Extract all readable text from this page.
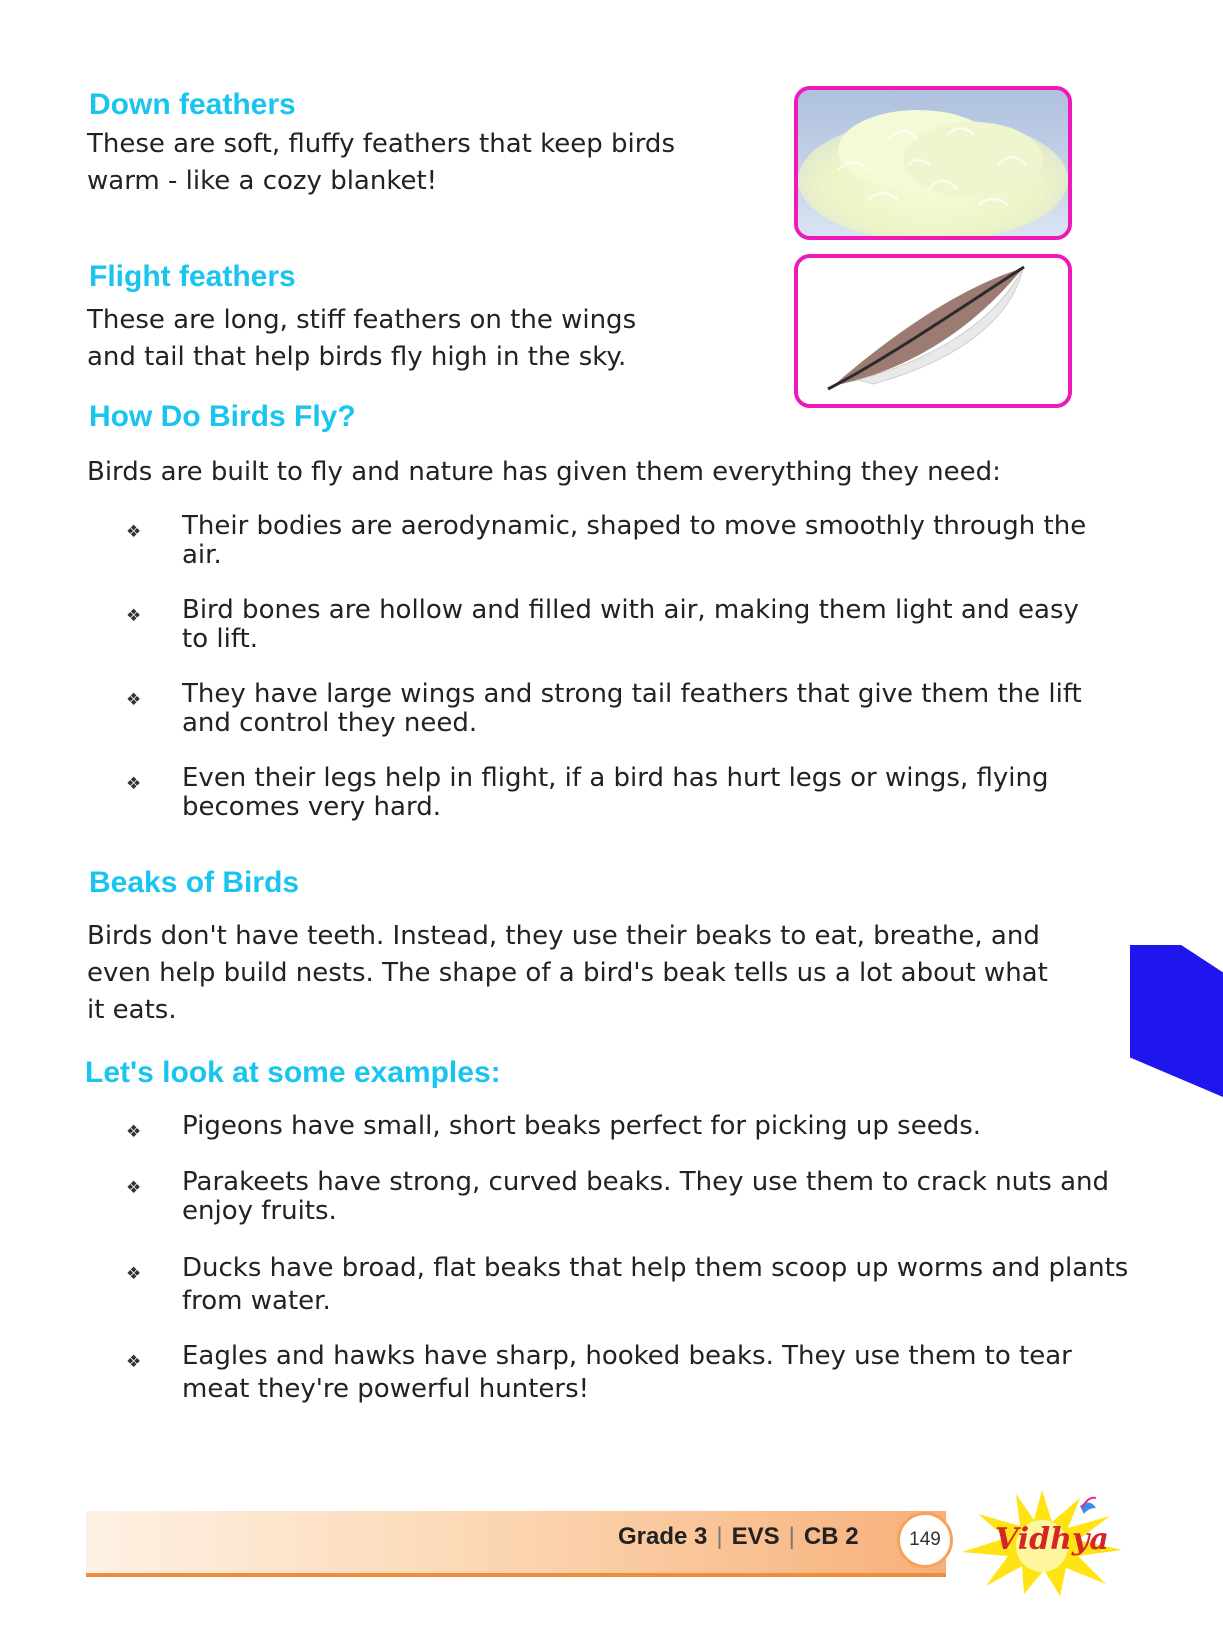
Down feathers

These are soft, fluffy feathers that keep birds
warm - like a cozy blanket!

Flight feathers

These are long, stiff feathers on the wings
and tail that help birds fly high in the sky.

How Do Birds Fly?

Birds are built to fly and nature has given them everything they need:

❖ Their bodies are aerodynamic, shaped to move smoothly through the air.
❖ Bird bones are hollow and filled with air, making them light and easy to lift.
❖ They have large wings and strong tail feathers that give them the lift and control they need.
❖ Even their legs help in flight, if a bird has hurt legs or wings, flying becomes very hard.
Beaks of Birds

Birds don't have teeth. Instead, they use their beaks to eat, breathe, and
even help build nests. The shape of a bird's beak tells us a lot about what
it eats.

Let's look at some examples:
❖ Pigeons have small, short beaks perfect for picking up seeds.
❖ Parakeets have strong, curved beaks. They use them to crack nuts and enjoy fruits.
❖ Ducks have broad, flat beaks that help them scoop up worms and plants from water.
❖ Eagles and hawks have sharp, hooked beaks. They use them to tear meat they're powerful hunters!
Grade 3 | EVS | CB 2	149 Vidhya
